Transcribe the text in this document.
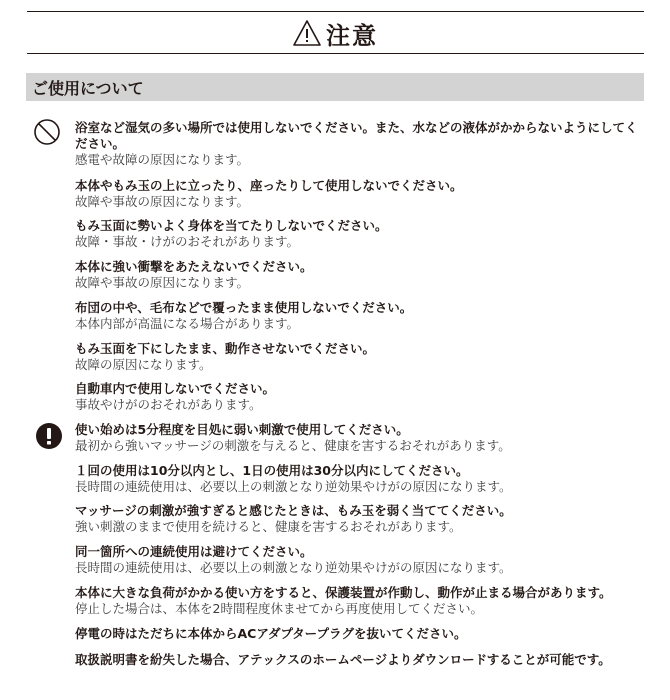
注意
ご使用について
浴室など湿気の多い場所では使用しないでください。また、水などの液体がかからないようにしてください。
感電や故障の原因になります。
本体やもみ玉の上に立ったり、座ったりして使用しないでください。
故障や事故の原因になります。
もみ玉面に勢いよく身体を当てたりしないでください。
故障・事故・けがのおそれがあります。
本体に強い衝撃をあたえないでください。
故障や事故の原因になります。
布団の中や、毛布などで覆ったまま使用しないでください。
本体内部が高温になる場合があります。
もみ玉面を下にしたまま、動作させないでください。
故障の原因になります。
自動車内で使用しないでください。
事故やけがのおそれがあります。
使い始めは5分程度を目処に弱い刺激で使用してください。
最初から強いマッサージの刺激を与えると、健康を害するおそれがあります。
１回の使用は10分以内とし、1日の使用は30分以内にしてください。
長時間の連続使用は、必要以上の刺激となり逆効果やけがの原因になります。
マッサージの刺激が強すぎると感じたときは、もみ玉を弱く当ててください。
強い刺激のままで使用を続けると、健康を害するおそれがあります。
同一箇所への連続使用は避けてください。
長時間の連続使用は、必要以上の刺激となり逆効果やけがの原因になります。
本体に大きな負荷がかかる使い方をすると、保護装置が作動し、動作が止まる場合があります。
停止した場合は、本体を2時間程度休ませてから再度使用してください。
停電の時はただちに本体からACアダプタープラグを抜いてください。
取扱説明書を紛失した場合、アテックスのホームページよりダウンロードすることが可能です。
